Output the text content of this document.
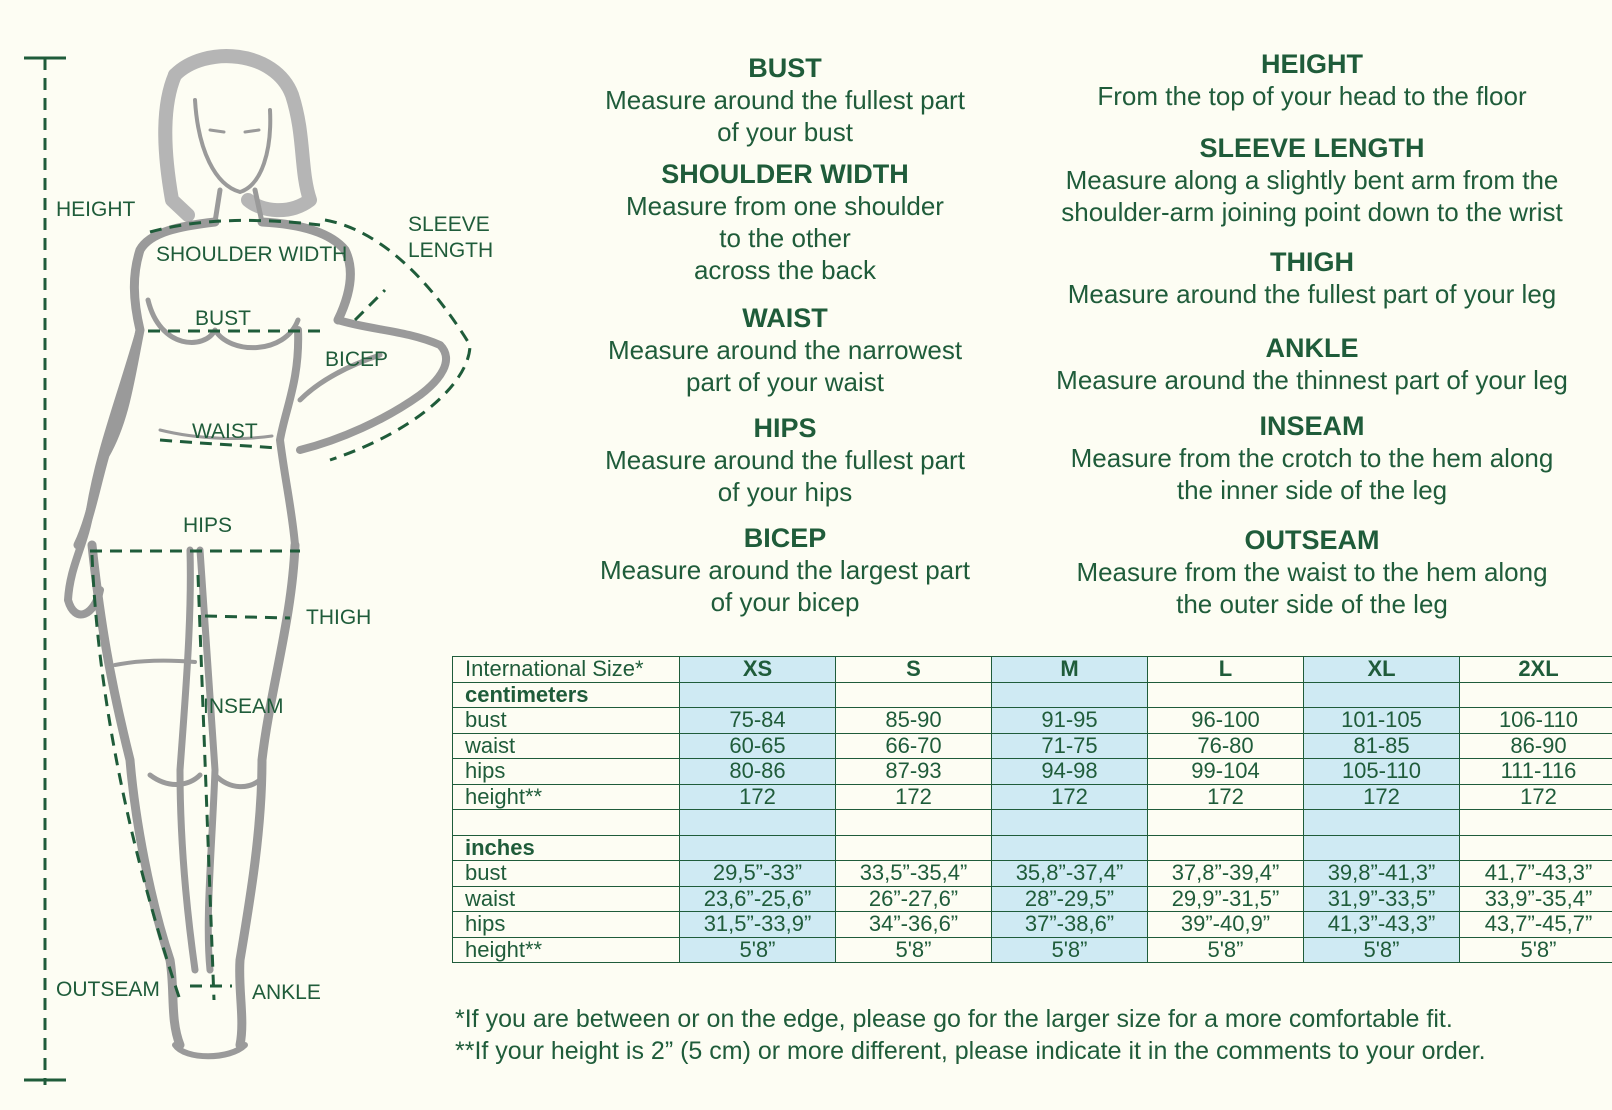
HEIGHT
SHOULDER WIDTH
SLEEVE
LENGTH
BUST
BICEP
WAIST
HIPS
THIGH
INSEAM
OUTSEAM	ANKLE
BUST
Measure around the fullest part
of your bust
SHOULDER WIDTH
Measure from one shoulder
to the other
across the back
WAIST
Measure around the narrowest
part of your waist
HIPS
Measure around the fullest part
of your hips
BICEP
Measure around the largest part
of your bicep
HEIGHT
From the top of your head to the floor
SLEEVE LENGTH
Measure along a slightly bent arm from the
shoulder-arm joining point down to the wrist
THIGH
Measure around the fullest part of your leg
ANKLE
Measure around the thinnest part of your leg
INSEAM
Measure from the crotch to the hem along
the inner side of the leg
OUTSEAM
Measure from the waist to the hem along
the outer side of the leg
International Size*	XS	S	M	L	XL	2XL
centimeters						
bust	75-84	85-90	91-95	96-100	101-105	106-110
waist	60-65	66-70	71-75	76-80	81-85	86-90
hips	80-86	87-93	94-98	99-104	105-110	111-116
height**	172	172	172	172	172	172

inches						
bust	29,5”-33”	33,5”-35,4”	35,8”-37,4”	37,8”-39,4”	39,8”-41,3”	41,7”-43,3”
waist	23,6”-25,6”	26”-27,6”	28”-29,5”	29,9”-31,5”	31,9”-33,5”	33,9”-35,4”
hips	31,5”-33,9”	34”-36,6”	37”-38,6”	39”-40,9”	41,3”-43,3”	43,7”-45,7”
height**	5'8”	5'8”	5'8”	5'8”	5'8”	5'8”
*If you are between or on the edge, please go for the larger size for a more comfortable fit.
**If your height is 2” (5 cm) or more different, please indicate it in the comments to your order.
